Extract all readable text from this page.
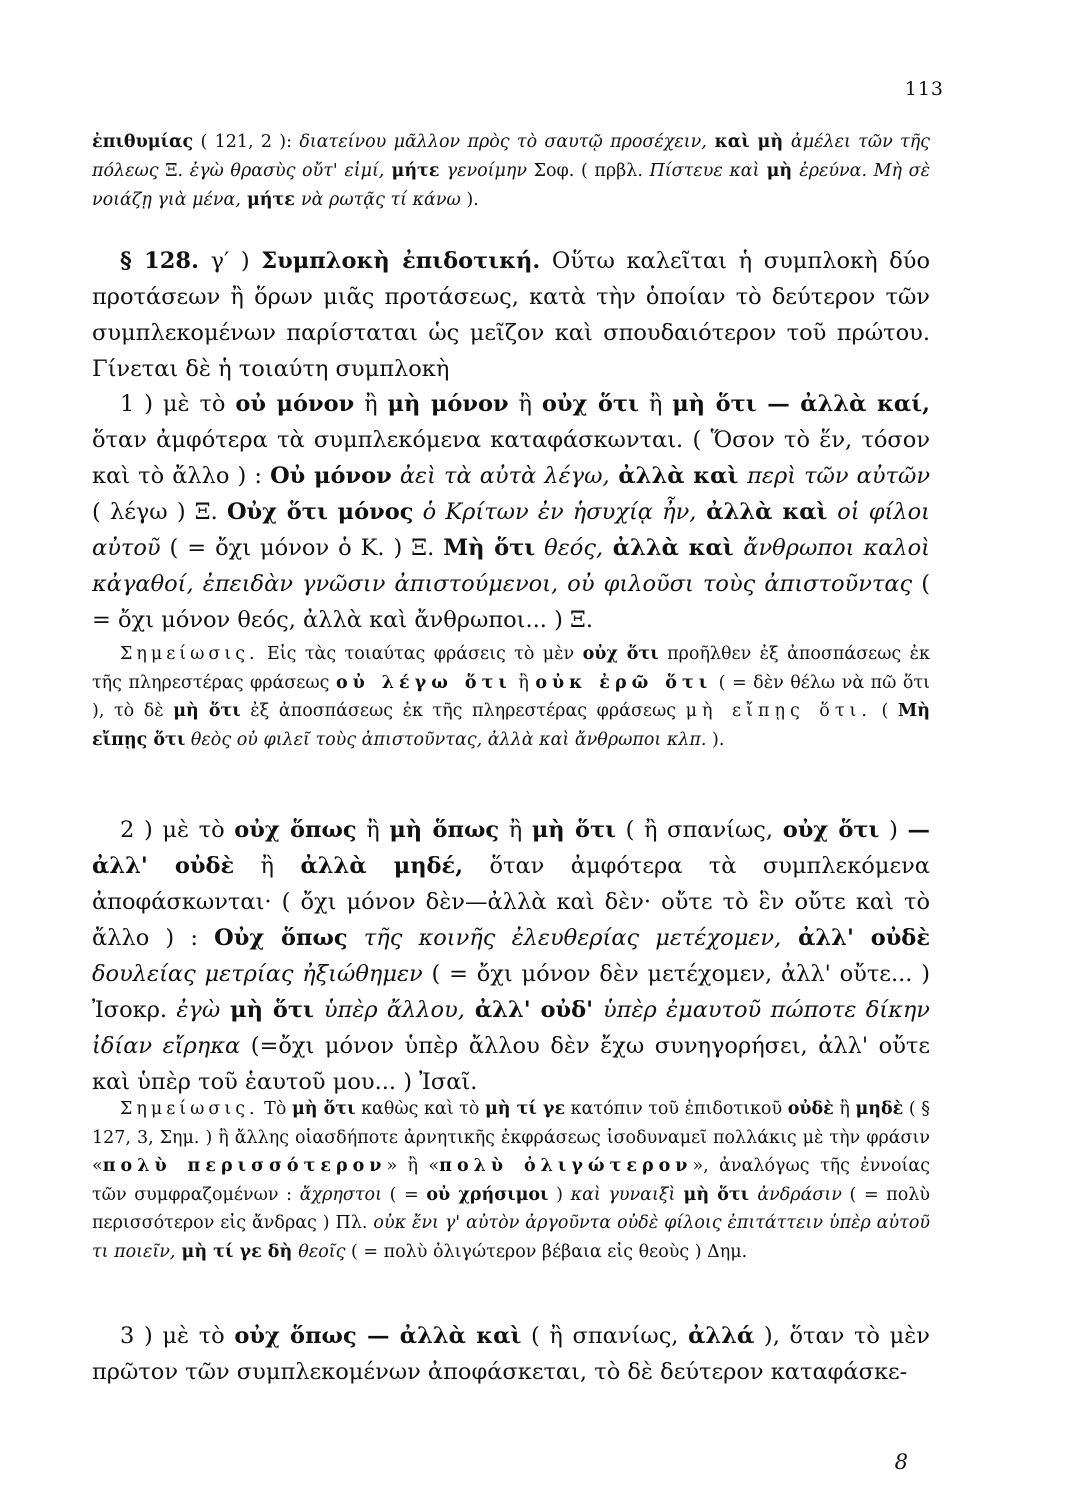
113

ἐπιθυμίας ( 121, 2 ): διατείνου μᾶλλον πρὸς τὸ σαυτῷ προσέχειν, καὶ μὴ ἀμέλει τῶν τῆς πόλεως Ξ. ἐγὼ θρασὺς οὔτ' εἰμί, μήτε γενοίμην Σοφ. ( πρβλ. Πίστευε καὶ μὴ ἐρεύνα. Μὴ σὲ νοιάζῃ γιὰ μένα, μήτε νὰ ρωτᾷς τί κάνω ).

§ 128. γ′ ) Συμπλοκὴ ἐπιδοτική. Οὕτω καλεῖται ἡ συμπλοκὴ δύο προτάσεων ἢ ὅρων μιᾶς προτάσεως, κατὰ τὴν ὁποίαν τὸ δεύτερον τῶν συμπλεκομένων παρίσταται ὡς μεῖζον καὶ σπουδαιότερον τοῦ πρώτου. Γίνεται δὲ ἡ τοιαύτη συμπλοκὴ

1 ) μὲ τὸ οὐ μόνον ἢ μὴ μόνον ἢ οὐχ ὅτι ἢ μὴ ὅτι — ἀλλὰ καί, ὅταν ἀμφότερα τὰ συμπλεκόμενα καταφάσκωνται. ( Ὅσον τὸ ἕν, τόσον καὶ τὸ ἄλλο ) : Οὐ μόνον ἀεὶ τὰ αὐτὰ λέγω, ἀλλὰ καὶ περὶ τῶν αὐτῶν ( λέγω ) Ξ. Οὐχ ὅτι μόνος ὁ Κρίτων ἐν ἡσυχίᾳ ἦν, ἀλλὰ καὶ οἱ φίλοι αὐτοῦ ( = ὄχι μόνον ὁ Κ. ) Ξ. Μὴ ὅτι θεός, ἀλλὰ καὶ ἄνθρωποι καλοὶ κἀγαθοί, ἐπειδὰν γνῶσιν ἀπιστούμενοι, οὐ φιλοῦσι τοὺς ἀπιστοῦντας ( = ὄχι μόνον θεός, ἀλλὰ καὶ ἄνθρωποι... ) Ξ.

Σημείωσις. Εἰς τὰς τοιαύτας φράσεις τὸ μὲν οὐχ ὅτι προῆλθεν ἐξ ἀποσπάσεως ἐκ τῆς πληρεστέρας φράσεως οὐ λέγω ὅτι ἢ οὐκ ἐρῶ ὅτι ( = δὲν θέλω νὰ πῶ ὅτι ), τὸ δὲ μὴ ὅτι ἐξ ἀποσπάσεως ἐκ τῆς πληρεστέρας φράσεως μὴ εἴπῃς ὅτι. ( Μὴ εἴπῃς ὅτι θεὸς οὐ φιλεῖ τοὺς ἀπιστοῦντας, ἀλλὰ καὶ ἄνθρωποι κλπ. ).

2 ) μὲ τὸ οὐχ ὅπως ἢ μὴ ὅπως ἢ μὴ ὅτι ( ἢ σπανίως, οὐχ ὅτι ) — ἀλλ' οὐδὲ ἢ ἀλλὰ μηδέ, ὅταν ἀμφότερα τὰ συμπλεκόμενα ἀποφάσκωνται· ( ὄχι μόνον δὲν—ἀλλὰ καὶ δὲν· οὔτε τὸ ἓν οὔτε καὶ τὸ ἄλλο ) : Οὐχ ὅπως τῆς κοινῆς ἐλευθερίας μετέχομεν, ἀλλ' οὐδὲ δουλείας μετρίας ἠξιώθημεν ( = ὄχι μόνον δὲν μετέχομεν, ἀλλ' οὔτε... ) Ἰσοκρ. ἐγὼ μὴ ὅτι ὑπὲρ ἄλλου, ἀλλ' οὐδ' ὑπὲρ ἐμαυτοῦ πώποτε δίκην ἰδίαν εἴρηκα (=ὄχι μόνον ὑπὲρ ἄλλου δὲν ἔχω συνηγορήσει, ἀλλ' οὔτε καὶ ὑπὲρ τοῦ ἑαυτοῦ μου... ) Ἰσαῖ.

Σημείωσις. Τὸ μὴ ὅτι καθὼς καὶ τὸ μὴ τί γε κατόπιν τοῦ ἐπιδοτικοῦ οὐδὲ ἢ μηδὲ ( § 127, 3, Σημ. ) ἢ ἄλλης οἱασδήποτε ἀρνητικῆς ἐκφράσεως ἰσοδυναμεῖ πολλάκις μὲ τὴν φράσιν «πολὺ περισσότερον» ἢ «πολὺ ὀλιγώτερον», ἀναλόγως τῆς ἐννοίας τῶν συμφραζομένων : ἄχρηστοι ( = οὐ χρήσιμοι ) καὶ γυναιξὶ μὴ ὅτι ἀνδράσιν ( = πολὺ περισσότερον εἰς ἄνδρας ) Πλ. οὐκ ἔνι γ' αὐτὸν ἀργοῦντα οὐδὲ φίλοις ἐπιτάττειν ὑπὲρ αὐτοῦ τι ποιεῖν, μὴ τί γε δὴ θεοῖς ( = πολὺ ὀλιγώτερον βέβαια εἰς θεοὺς ) Δημ.

3 ) μὲ τὸ οὐχ ὅπως — ἀλλὰ καὶ ( ἢ σπανίως, ἀλλά ), ὅταν τὸ μὲν πρῶτον τῶν συμπλεκομένων ἀποφάσκεται, τὸ δὲ δεύτερον καταφάσκε-

8
